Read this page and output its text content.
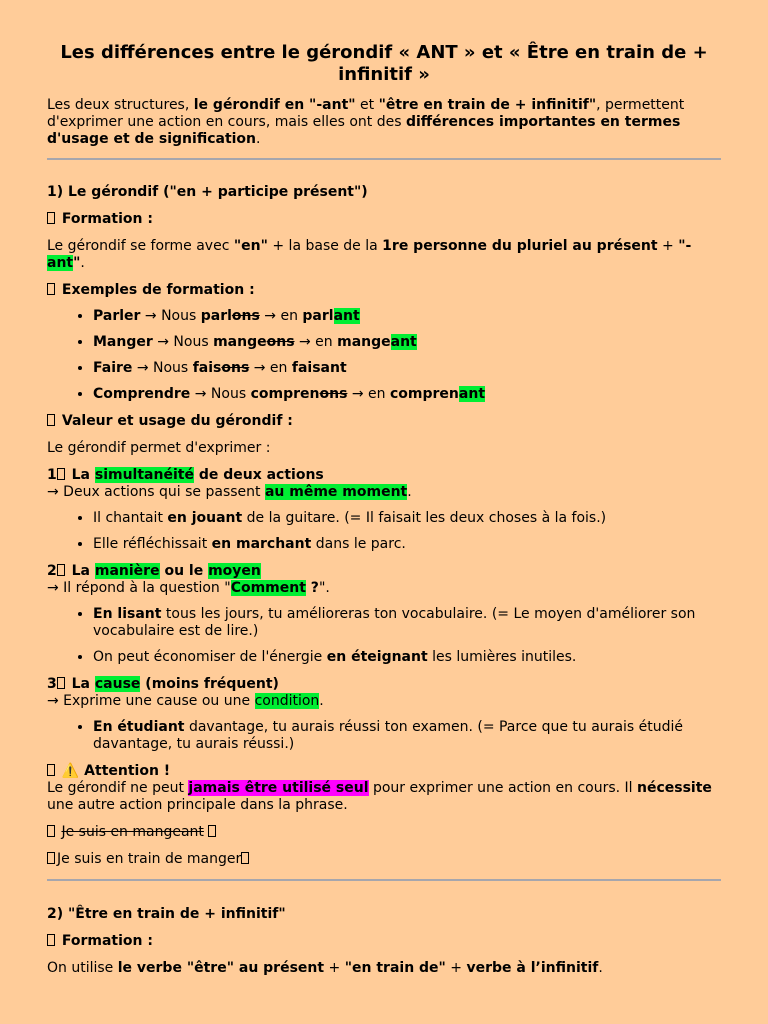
Les différences entre le gérondif « ANT » et « Être en train de + infinitif »

Les deux structures, le gérondif en "-ant" et "être en train de + infinitif", permettent d'exprimer une action en cours, mais elles ont des différences importantes en termes d'usage et de signification.

1) Le gérondif ("en + participe présent")

Formation :

Le gérondif se forme avec "en" + la base de la 1re personne du pluriel au présent + "-ant".

Exemples de formation :

• Parler → Nous parlons → en parlant
• Manger → Nous mangeons → en mangeant
• Faire → Nous faisons → en faisant
• Comprendre → Nous comprenons → en comprenant

Valeur et usage du gérondif :

Le gérondif permet d'exprimer :

1 La simultanéité de deux actions
→ Deux actions qui se passent au même moment.

• Il chantait en jouant de la guitare. (= Il faisait les deux choses à la fois.)
• Elle réfléchissait en marchant dans le parc.

2 La manière ou le moyen
→ Il répond à la question "Comment ?".

• En lisant tous les jours, tu amélioreras ton vocabulaire. (= Le moyen d'améliorer son vocabulaire est de lire.)
• On peut économiser de l'énergie en éteignant les lumières inutiles.

3 La cause (moins fréquent)
→ Exprime une cause ou une condition.

• En étudiant davantage, tu aurais réussi ton examen. (= Parce que tu aurais étudié davantage, tu aurais réussi.)

⚠️ Attention !
Le gérondif ne peut jamais être utilisé seul pour exprimer une action en cours. Il nécessite une autre action principale dans la phrase.

Je suis en mangeant

Je suis en train de manger

2) "Être en train de + infinitif"

Formation :

On utilise le verbe "être" au présent + "en train de" + verbe à l’infinitif.
